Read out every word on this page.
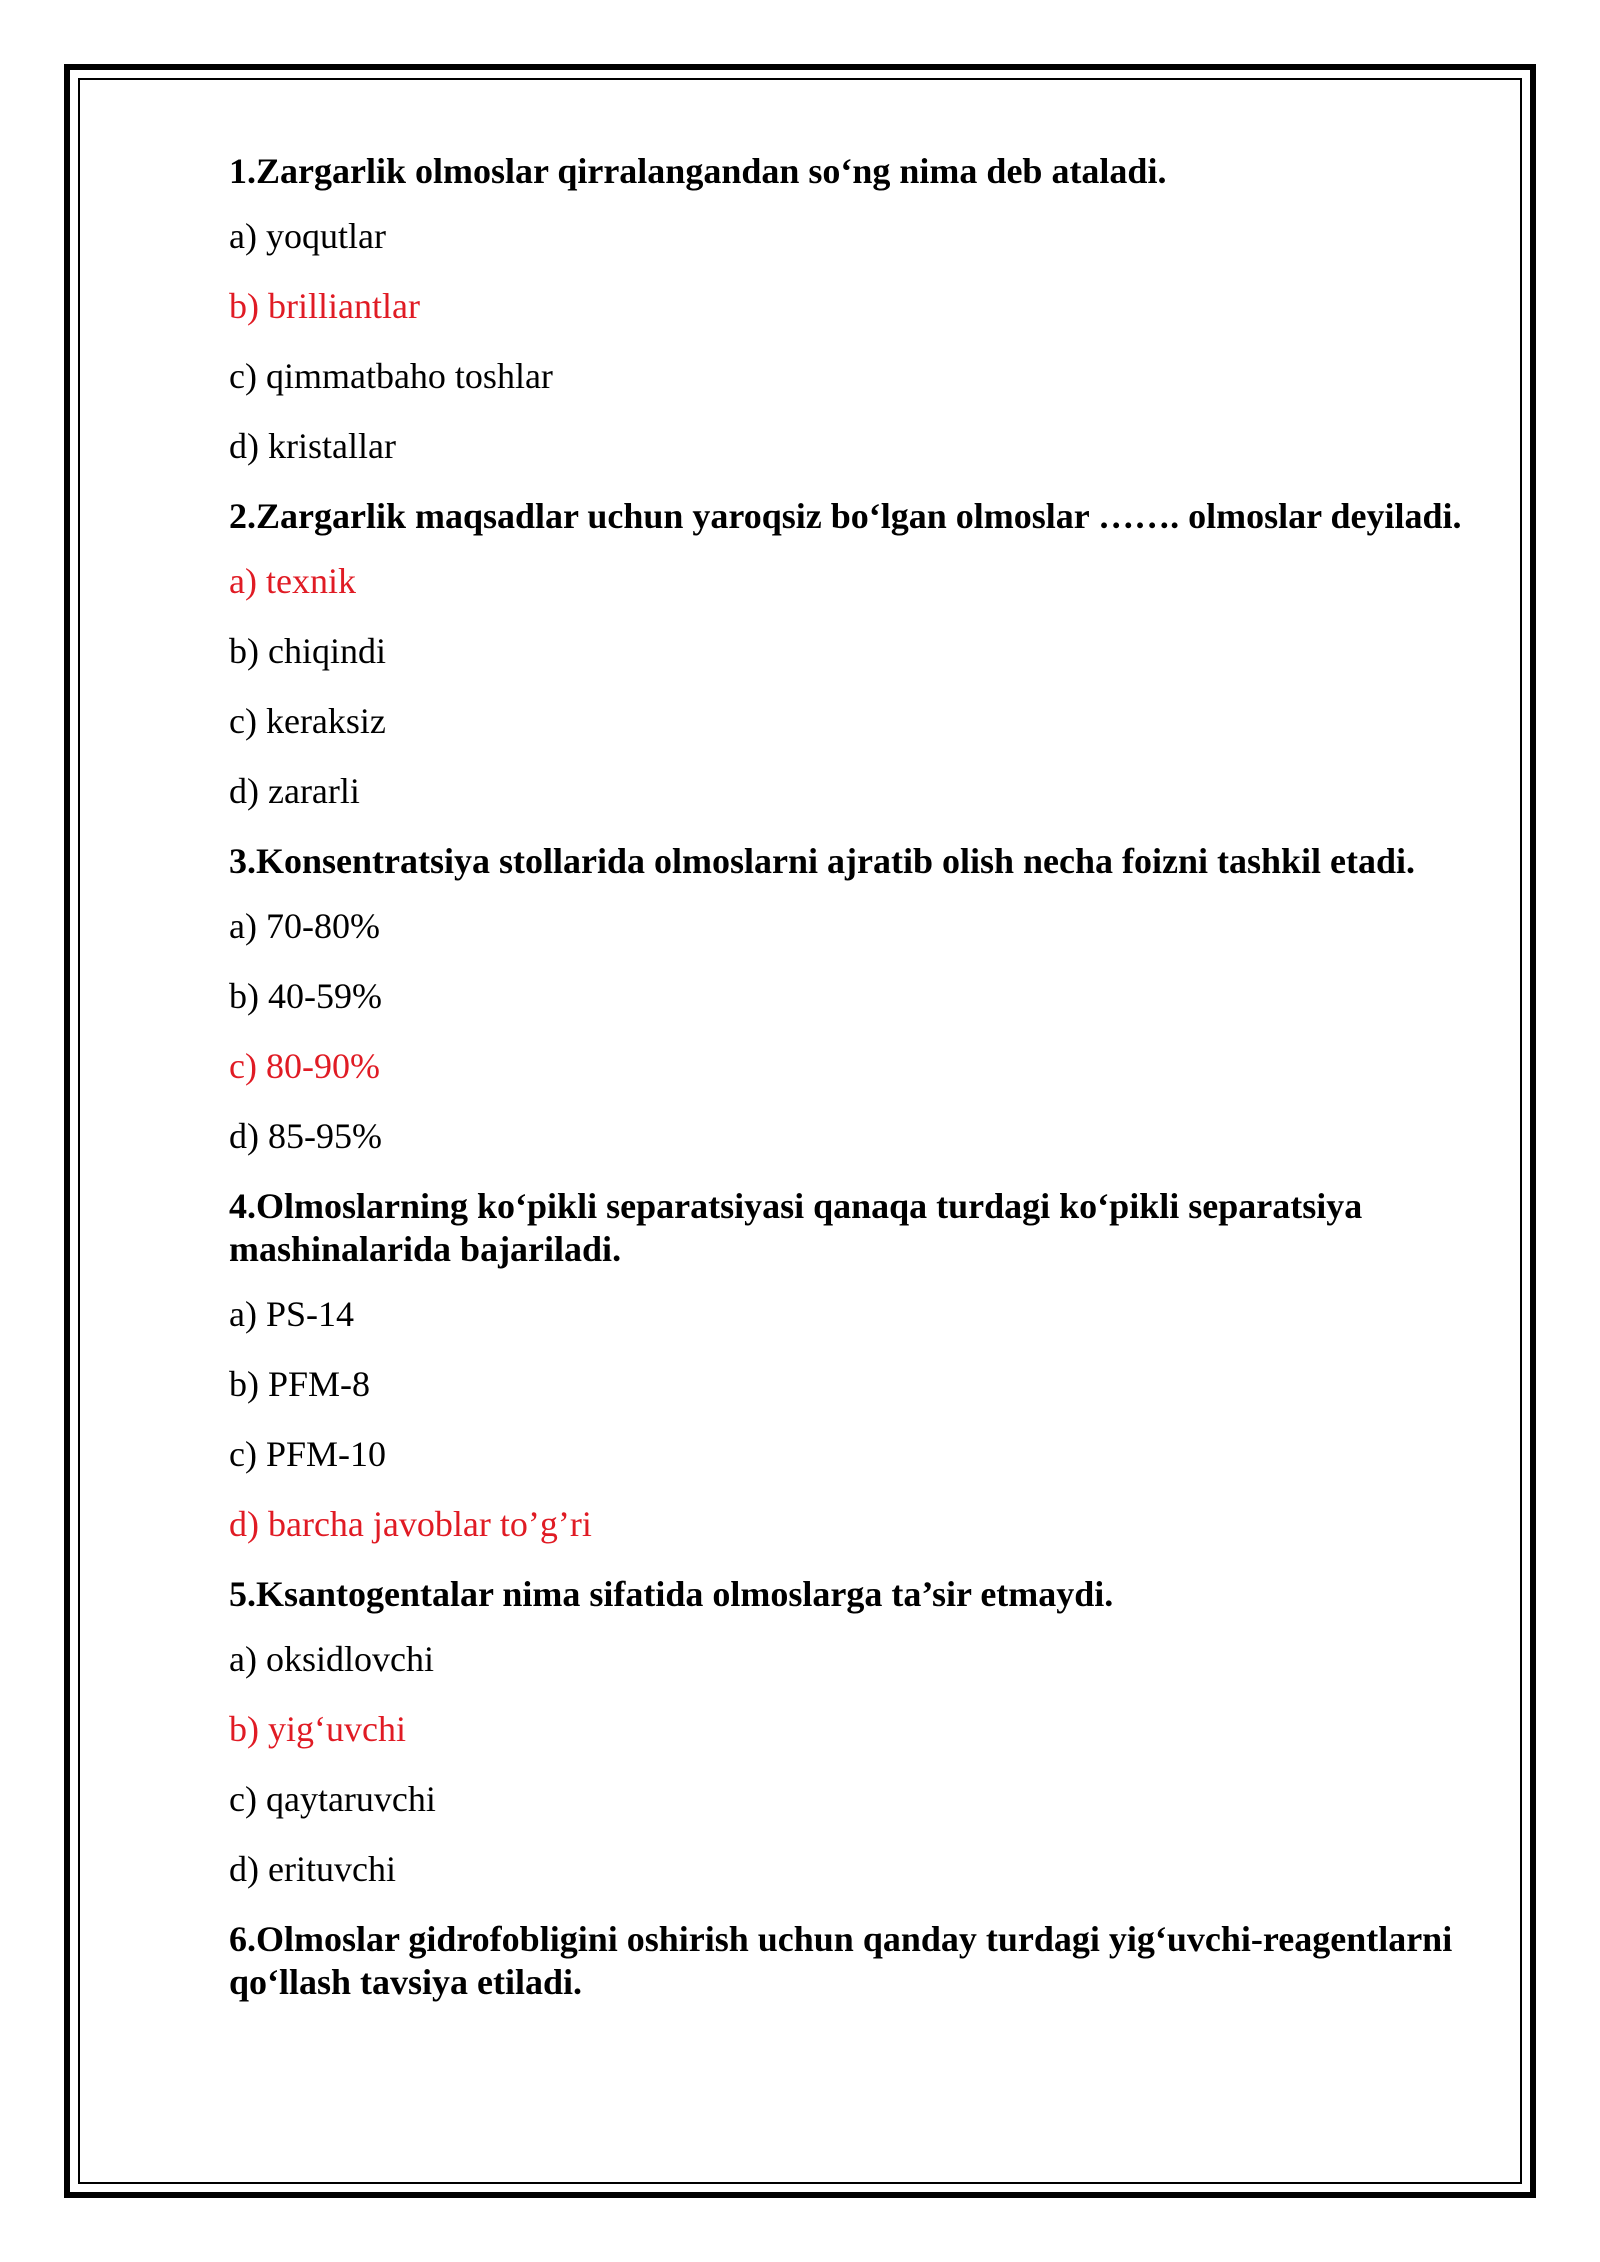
1.Zargarlik olmoslar qirralangandan so‘ng nima deb ataladi.
a) yoqutlar
b) brilliantlar
c) qimmatbaho toshlar
d) kristallar
2.Zargarlik maqsadlar uchun yaroqsiz bo‘lgan olmoslar ……. olmoslar deyiladi.
a) texnik
b) chiqindi
c) keraksiz
d) zararli
3.Konsentratsiya stollarida olmoslarni ajratib olish necha foizni tashkil etadi.
a) 70-80%
b) 40-59%
c) 80-90%
d) 85-95%
4.Olmoslarning ko‘pikli separatsiyasi qanaqa turdagi ko‘pikli separatsiya mashinalarida bajariladi.
a) PS-14
b) PFM-8
c) PFM-10
d) barcha javoblar to’g’ri
5.Ksantogentalar nima sifatida olmoslarga ta’sir etmaydi.
a) oksidlovchi
b) yig‘uvchi
c) qaytaruvchi
d) erituvchi
6.Olmoslar gidrofobligini oshirish uchun qanday turdagi yig‘uvchi-reagentlarni qo‘llash tavsiya etiladi.
